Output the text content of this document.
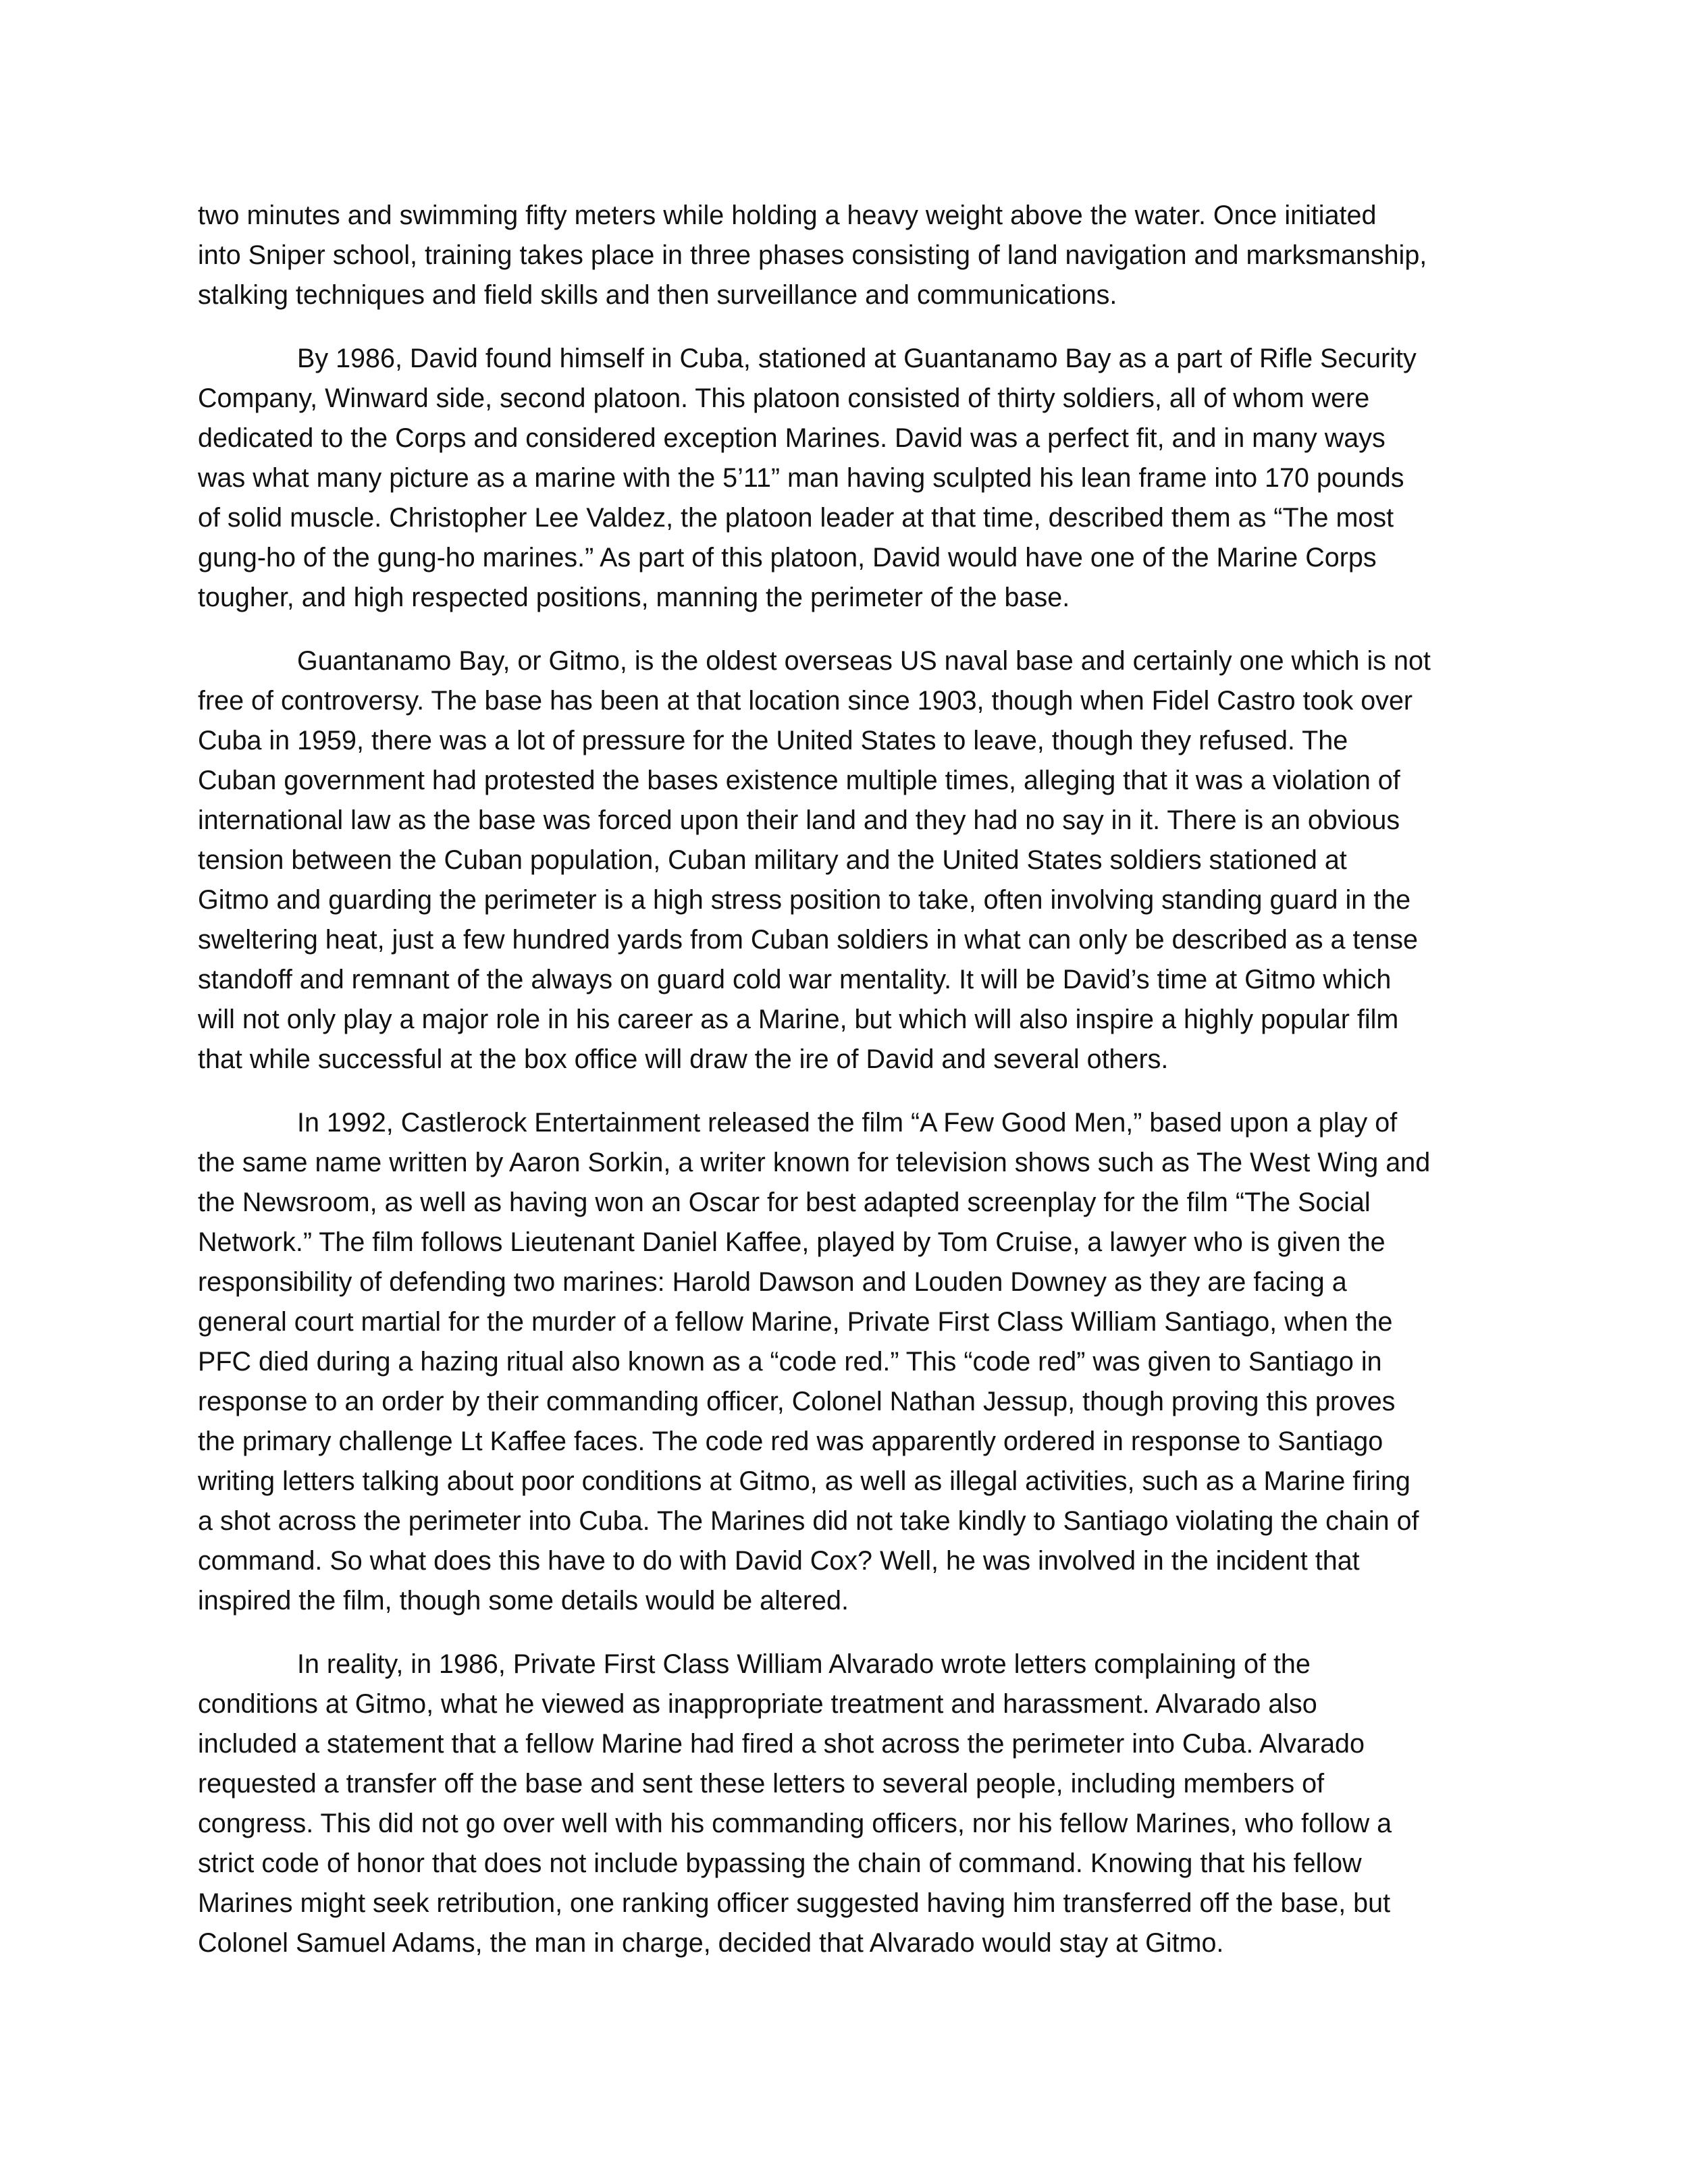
two minutes and swimming fifty meters while holding a heavy weight above the water. Once initiated
into Sniper school, training takes place in three phases consisting of land navigation and marksmanship,
stalking techniques and field skills and then surveillance and communications.

By 1986, David found himself in Cuba, stationed at Guantanamo Bay as a part of Rifle Security
Company, Winward side, second platoon. This platoon consisted of thirty soldiers, all of whom were
dedicated to the Corps and considered exception Marines. David was a perfect fit, and in many ways
was what many picture as a marine with the 5’11” man having sculpted his lean frame into 170 pounds
of solid muscle. Christopher Lee Valdez, the platoon leader at that time, described them as “The most
gung-ho of the gung-ho marines.” As part of this platoon, David would have one of the Marine Corps
tougher, and high respected positions, manning the perimeter of the base.

Guantanamo Bay, or Gitmo, is the oldest overseas US naval base and certainly one which is not
free of controversy. The base has been at that location since 1903, though when Fidel Castro took over
Cuba in 1959, there was a lot of pressure for the United States to leave, though they refused. The
Cuban government had protested the bases existence multiple times, alleging that it was a violation of
international law as the base was forced upon their land and they had no say in it. There is an obvious
tension between the Cuban population, Cuban military and the United States soldiers stationed at
Gitmo and guarding the perimeter is a high stress position to take, often involving standing guard in the
sweltering heat, just a few hundred yards from Cuban soldiers in what can only be described as a tense
standoff and remnant of the always on guard cold war mentality. It will be David’s time at Gitmo which
will not only play a major role in his career as a Marine, but which will also inspire a highly popular film
that while successful at the box office will draw the ire of David and several others.

In 1992, Castlerock Entertainment released the film “A Few Good Men,” based upon a play of
the same name written by Aaron Sorkin, a writer known for television shows such as The West Wing and
the Newsroom, as well as having won an Oscar for best adapted screenplay for the film “The Social
Network.” The film follows Lieutenant Daniel Kaffee, played by Tom Cruise, a lawyer who is given the
responsibility of defending two marines: Harold Dawson and Louden Downey as they are facing a
general court martial for the murder of a fellow Marine, Private First Class William Santiago, when the
PFC died during a hazing ritual also known as a “code red.” This “code red” was given to Santiago in
response to an order by their commanding officer, Colonel Nathan Jessup, though proving this proves
the primary challenge Lt Kaffee faces. The code red was apparently ordered in response to Santiago
writing letters talking about poor conditions at Gitmo, as well as illegal activities, such as a Marine firing
a shot across the perimeter into Cuba. The Marines did not take kindly to Santiago violating the chain of
command. So what does this have to do with David Cox? Well, he was involved in the incident that
inspired the film, though some details would be altered.

In reality, in 1986, Private First Class William Alvarado wrote letters complaining of the
conditions at Gitmo, what he viewed as inappropriate treatment and harassment. Alvarado also
included a statement that a fellow Marine had fired a shot across the perimeter into Cuba. Alvarado
requested a transfer off the base and sent these letters to several people, including members of
congress. This did not go over well with his commanding officers, nor his fellow Marines, who follow a
strict code of honor that does not include bypassing the chain of command. Knowing that his fellow
Marines might seek retribution, one ranking officer suggested having him transferred off the base, but
Colonel Samuel Adams, the man in charge, decided that Alvarado would stay at Gitmo.
